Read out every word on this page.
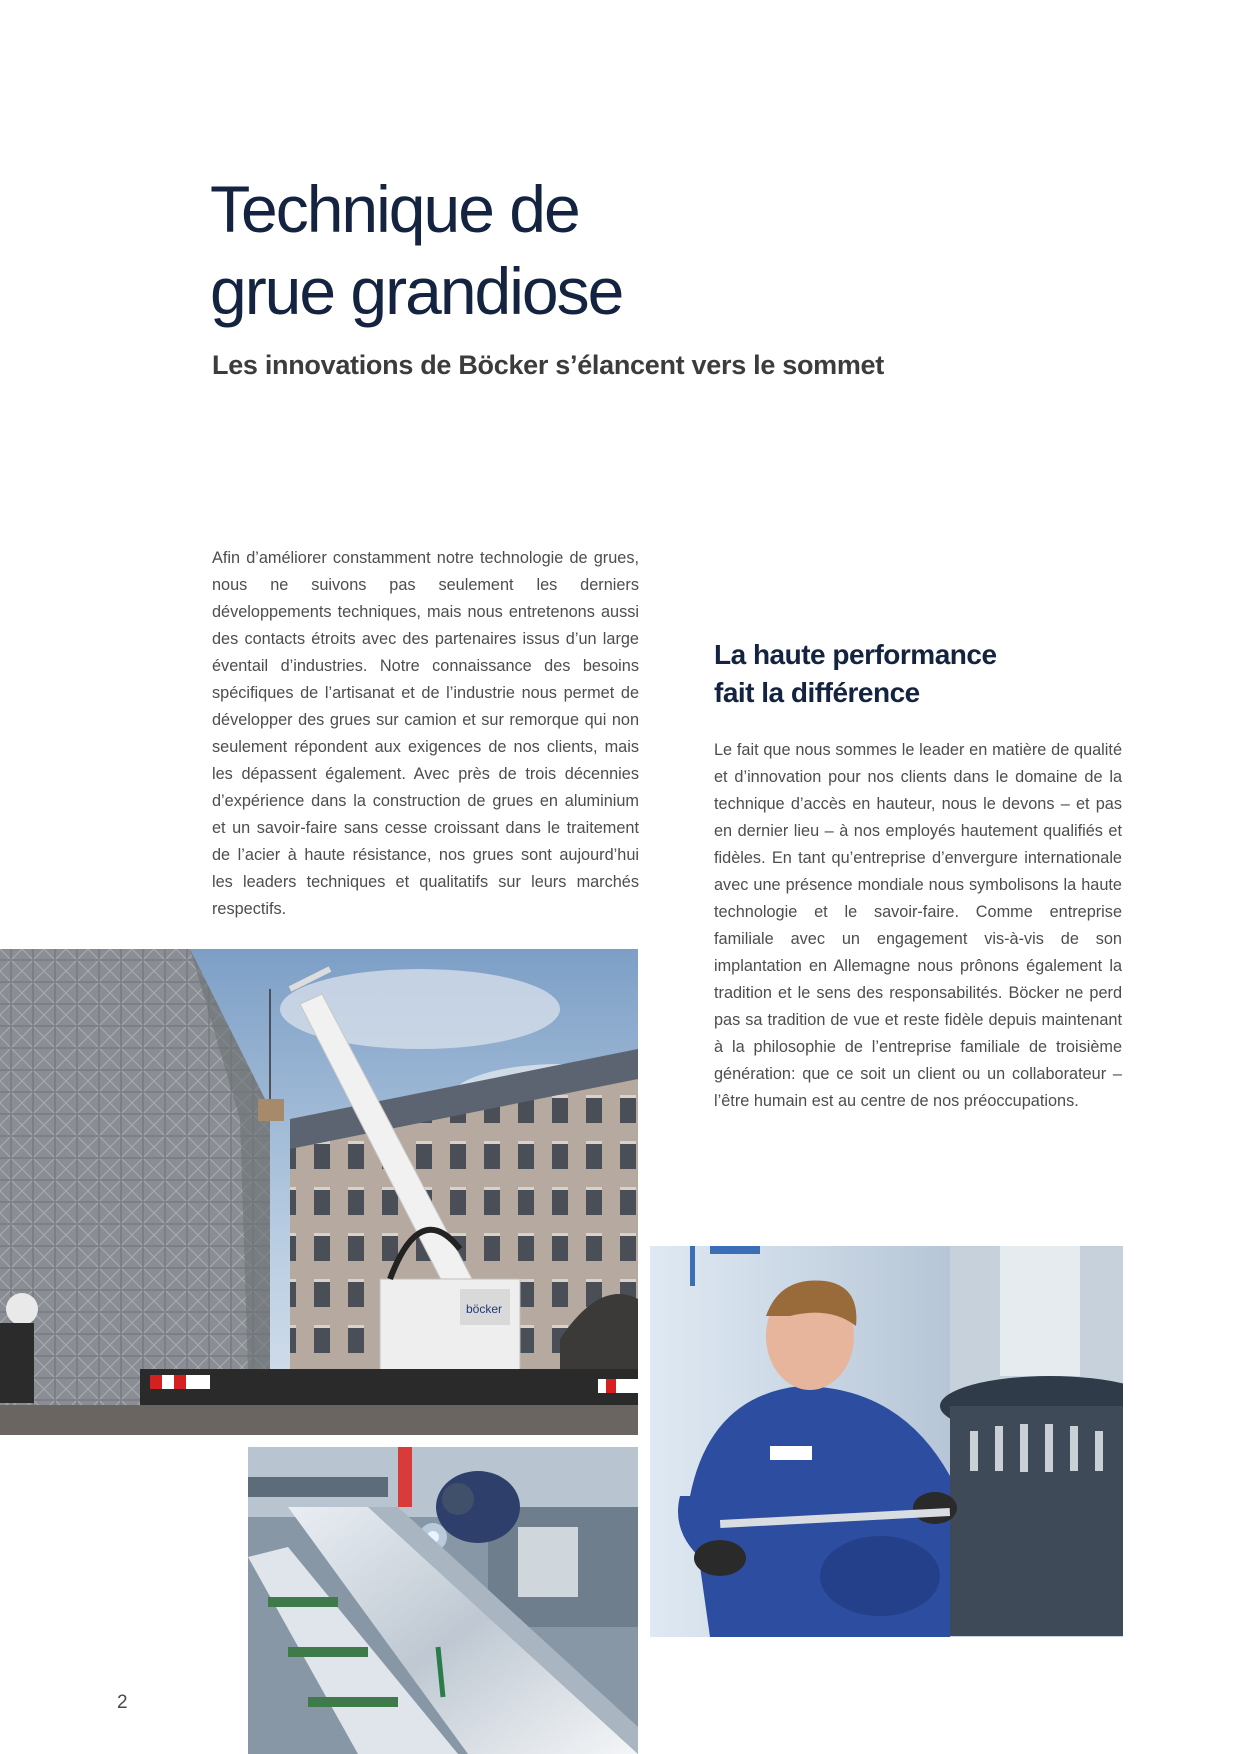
Technique de
grue grandiose
Les innovations de Böcker s’élancent vers le sommet

Afin d’améliorer constamment notre technologie de grues, nous ne suivons pas seulement les derniers développements techniques, mais nous entretenons aussi des contacts étroits avec des partenaires issus d’un large éventail d’industries. Notre connaissance des besoins spécifiques de l’artisanat et de l’industrie nous permet de développer des grues sur camion et sur remorque qui non seulement répondent aux exigences de nos clients, mais les dépassent également. Avec près de trois décennies d’expérience dans la construction de grues en aluminium et un savoir-faire sans cesse croissant dans le traitement de l’acier à haute résistance, nos grues sont aujourd’hui les leaders techniques et qualitatifs sur leurs marchés respectifs.

La haute performance
fait la différence

Le fait que nous sommes le leader en matière de qualité et d’innovation pour nos clients dans le domaine de la technique d’accès en hauteur, nous le devons – et pas en dernier lieu – à nos employés hautement qualifiés et fidèles. En tant qu’entreprise d’envergure internationale avec une présence mondiale nous symbolisons la haute technologie et le savoir-faire. Comme entreprise familiale avec un engagement vis-à-vis de son implantation en Allemagne nous prônons également la tradition et le sens des responsabilités. Böcker ne perd pas sa tradition de vue et reste fidèle depuis maintenant à la philosophie de l’entreprise familiale de troisième génération: que ce soit un client ou un collaborateur – l’être humain est au centre de nos préoccupations.

böcker
2
